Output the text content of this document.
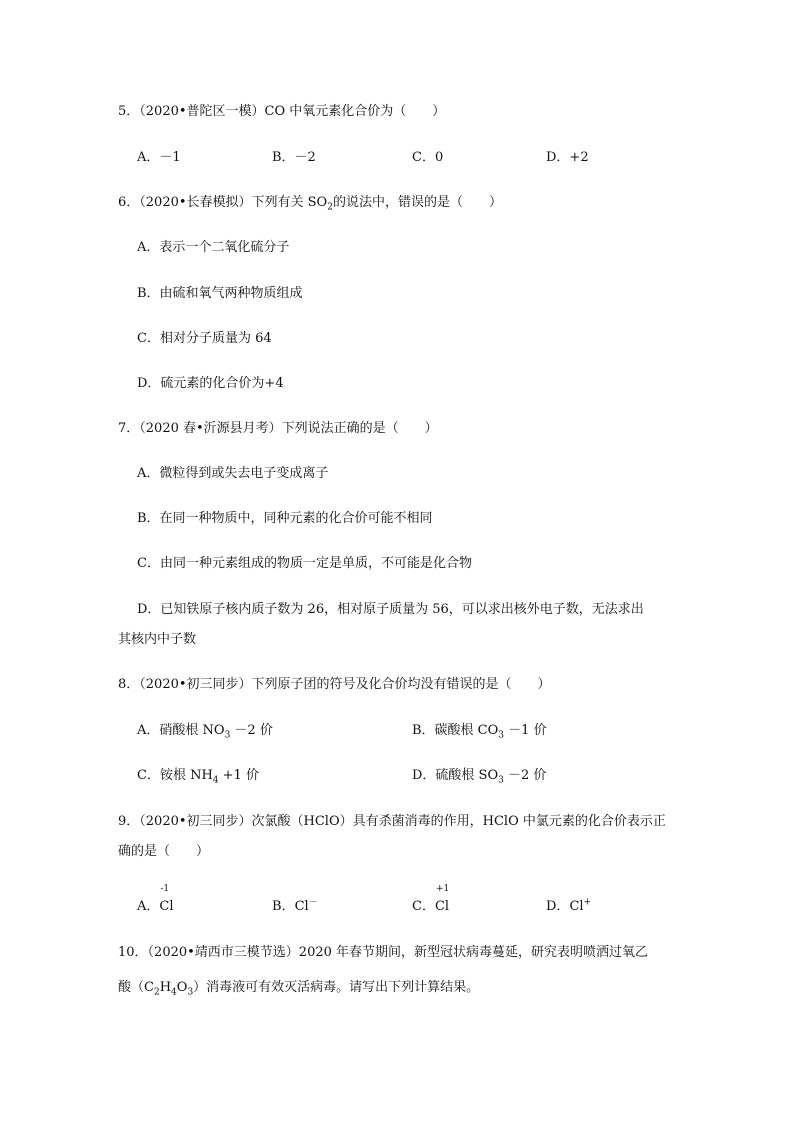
5．（2020•普陀区一模）CO 中氧元素化合价为（　　）
A．－1	B．－2	C．0	D．+2
6．（2020•长春模拟）下列有关 $SO_2$的说法中，错误的是（　　）
A．表示一个二氧化硫分子
B．由硫和氧气两种物质组成
C．相对分子质量为 64
D．硫元素的化合价为+4
7．（2020 春•沂源县月考）下列说法正确的是（　　）
A．微粒得到或失去电子变成离子
B．在同一种物质中，同种元素的化合价可能不相同
C．由同一种元素组成的物质一定是单质，不可能是化合物
D．已知铁原子核内质子数为 26，相对原子质量为 56，可以求出核外电子数，无法求出
其核内中子数
8．（2020•初三同步）下列原子团的符号及化合价均没有错误的是（　　）
A．硝酸根 $NO_3 -2$ 价	B．碳酸根 $CO_3 -1$ 价
C．铵根 $NH_4 +1$ 价	D．硫酸根 $SO_3 -2$ 价
9．（2020•初三同步）次氯酸（HClO）具有杀菌消毒的作用，HClO 中氯元素的化合价表示正
确的是（　　）
A．
-1
Cl	B．Cl－	C．
+1
Cl	D．Cl+
10．（2020•靖西市三模节选）2020 年春节期间，新型冠状病毒蔓延，研究表明喷洒过氧乙
酸$(C_2H_4O_3)$消毒液可有效灭活病毒。请写出下列计算结果。
